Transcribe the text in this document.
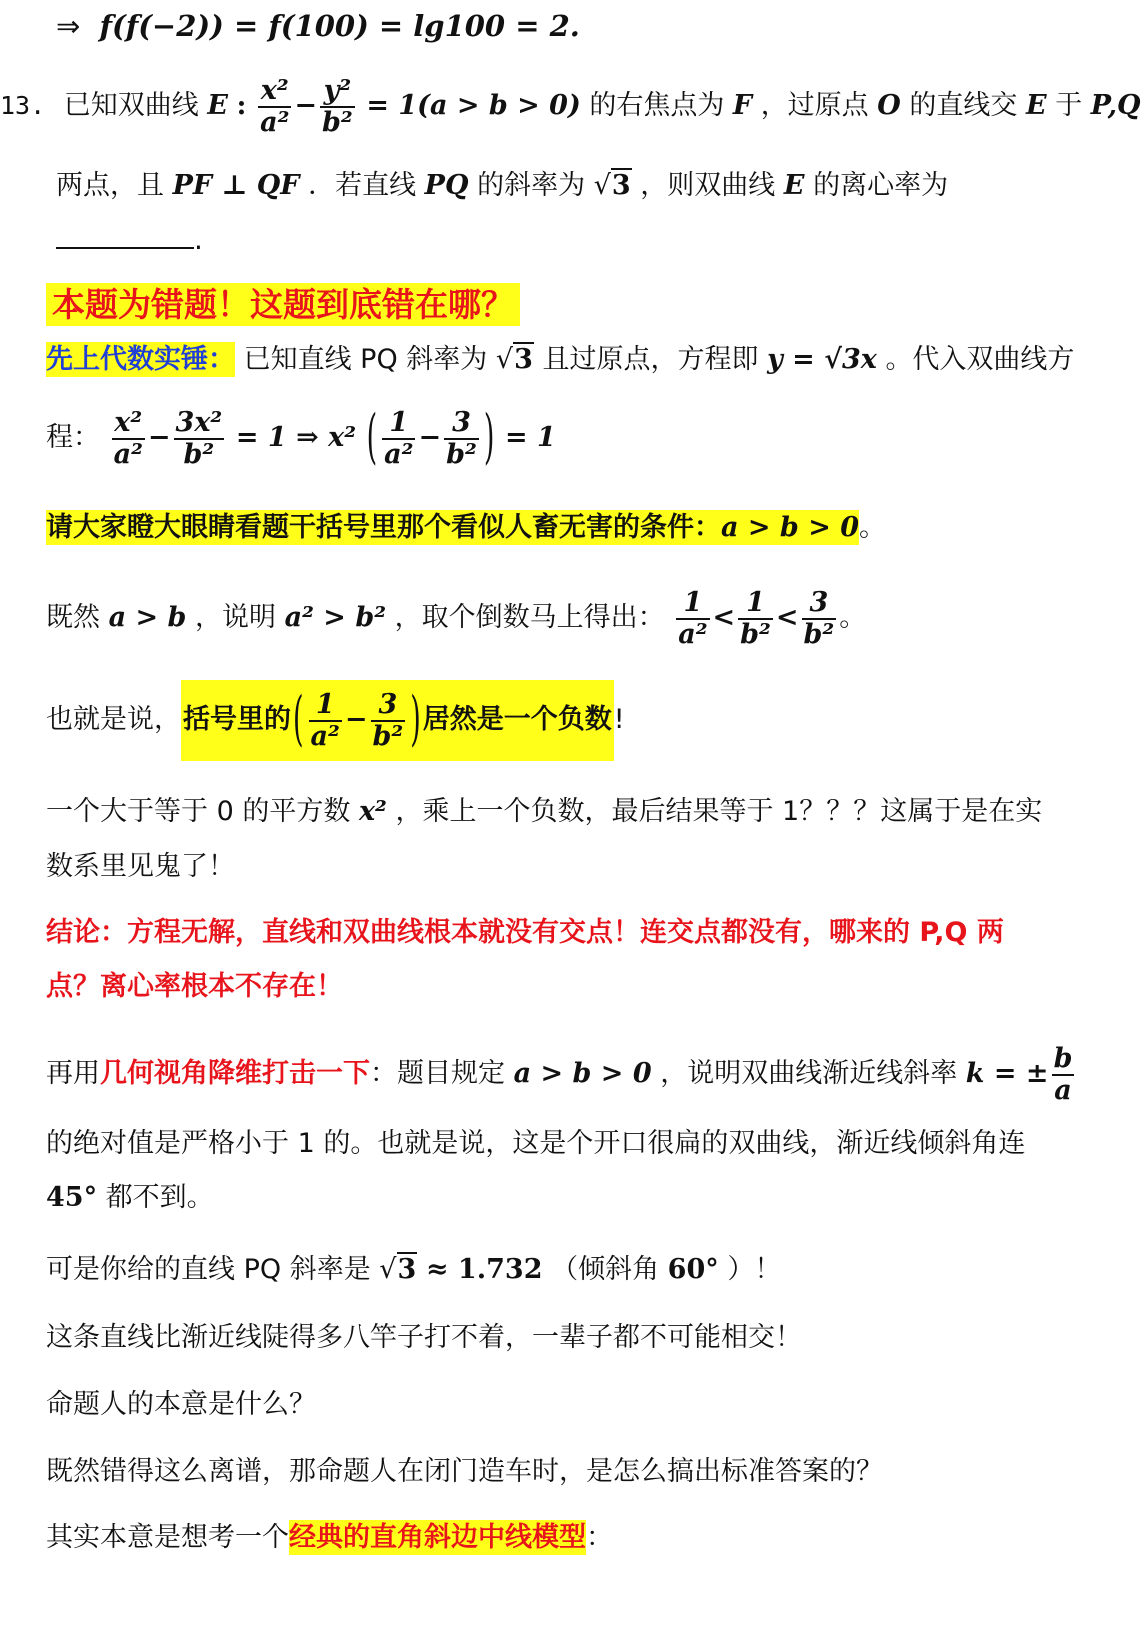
⇒ f(f(−2)) = f(100) = lg100 = 2.
13. 已知双曲线 E : $\frac{\text{x²}}{\text{a²}} - \frac{\text{y²}}{\text{b²}} = 1(a > b > 0)$ 的右焦点为 F ，过原点 O 的直线交 E 于 P,Q
两点，且 PF ⊥ QF ．若直线 PQ 的斜率为 √3 ，则双曲线 E 的离心率为
.
本题为错题！这题到底错在哪？
先上代数实锤： 已知直线 PQ 斜率为 √3 且过原点，方程即 y = √3x 。代入双曲线方
程： $\frac{\text{x²}}{\text{a²}} - \frac{\text{3x²}}{\text{b²}} = 1$ ⇒ x² ( $\frac{1}{\text{a²}} - \frac{3}{\text{b²}}$ ) = 1
请大家瞪大眼睛看题干括号里那个看似人畜无害的条件：a > b > 0。
既然 a > b ，说明 a² > b² ，取个倒数马上得出： $\frac{1}{\text{a²}} < \frac{1}{\text{b²}} < \frac{3}{\text{b²}}$ 。
也就是说，括号里的( $\frac{1}{\text{a²}} - \frac{3}{\text{b²}}$ )居然是一个负数!
一个大于等于 0 的平方数 x² ，乘上一个负数，最后结果等于 1？？？这属于是在实
数系里见鬼了！
结论：方程无解，直线和双曲线根本就没有交点！连交点都没有，哪来的 P,Q 两
点？离心率根本不存在！
再用几何视角降维打击一下：题目规定 a > b > 0 ，说明双曲线渐近线斜率 k = ± $\frac{b}{a}$
的绝对值是严格小于 1 的。也就是说，这是个开口很扁的双曲线，渐近线倾斜角连
45° 都不到。
可是你给的直线 PQ 斜率是 √3 ≈ 1.732 （倾斜角 60° ）！
这条直线比渐近线陡得多八竿子打不着，一辈子都不可能相交！
命题人的本意是什么？
既然错得这么离谱，那命题人在闭门造车时，是怎么搞出标准答案的？
其实本意是想考一个经典的直角斜边中线模型：
